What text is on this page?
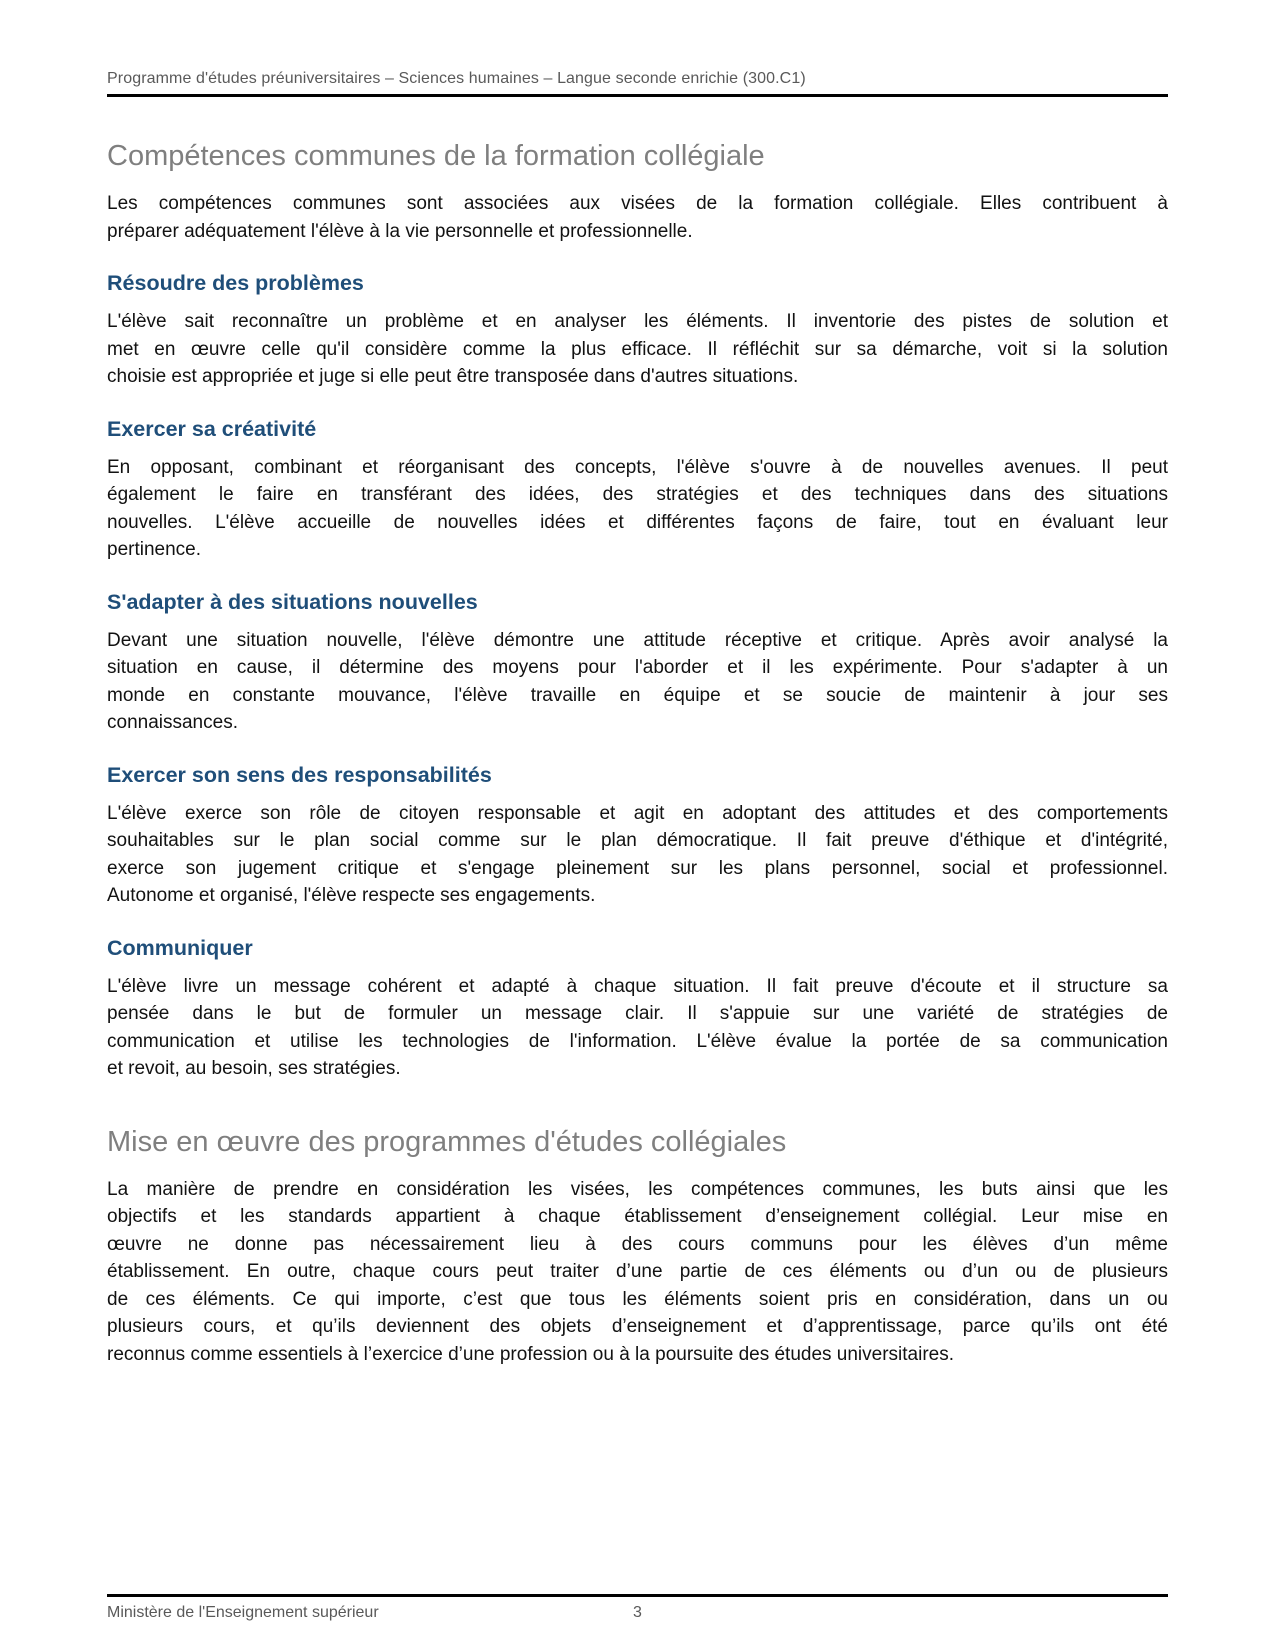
Programme d'études préuniversitaires – Sciences humaines – Langue seconde enrichie (300.C1)
Compétences communes de la formation collégiale

Les compétences communes sont associées aux visées de la formation collégiale. Elles contribuent à
préparer adéquatement l'élève à la vie personnelle et professionnelle.

Résoudre des problèmes

L'élève sait reconnaître un problème et en analyser les éléments. Il inventorie des pistes de solution et
met en œuvre celle qu'il considère comme la plus efficace. Il réfléchit sur sa démarche, voit si la solution
choisie est appropriée et juge si elle peut être transposée dans d'autres situations.

Exercer sa créativité

En opposant, combinant et réorganisant des concepts, l'élève s'ouvre à de nouvelles avenues. Il peut
également le faire en transférant des idées, des stratégies et des techniques dans des situations
nouvelles. L'élève accueille de nouvelles idées et différentes façons de faire, tout en évaluant leur
pertinence.

S'adapter à des situations nouvelles

Devant une situation nouvelle, l'élève démontre une attitude réceptive et critique. Après avoir analysé la
situation en cause, il détermine des moyens pour l'aborder et il les expérimente. Pour s'adapter à un
monde en constante mouvance, l'élève travaille en équipe et se soucie de maintenir à jour ses
connaissances.

Exercer son sens des responsabilités

L'élève exerce son rôle de citoyen responsable et agit en adoptant des attitudes et des comportements
souhaitables sur le plan social comme sur le plan démocratique. Il fait preuve d'éthique et d'intégrité,
exerce son jugement critique et s'engage pleinement sur les plans personnel, social et professionnel.
Autonome et organisé, l'élève respecte ses engagements.

Communiquer

L'élève livre un message cohérent et adapté à chaque situation. Il fait preuve d'écoute et il structure sa
pensée dans le but de formuler un message clair. Il s'appuie sur une variété de stratégies de
communication et utilise les technologies de l'information. L'élève évalue la portée de sa communication
et revoit, au besoin, ses stratégies.

Mise en œuvre des programmes d'études collégiales

La manière de prendre en considération les visées, les compétences communes, les buts ainsi que les
objectifs et les standards appartient à chaque établissement d’enseignement collégial. Leur mise en
œuvre ne donne pas nécessairement lieu à des cours communs pour les élèves d’un même
établissement. En outre, chaque cours peut traiter d’une partie de ces éléments ou d’un ou de plusieurs
de ces éléments. Ce qui importe, c’est que tous les éléments soient pris en considération, dans un ou
plusieurs cours, et qu’ils deviennent des objets d’enseignement et d’apprentissage, parce qu’ils ont été
reconnus comme essentiels à l’exercice d’une profession ou à la poursuite des études universitaires.

Ministère de l'Enseignement supérieur	3
